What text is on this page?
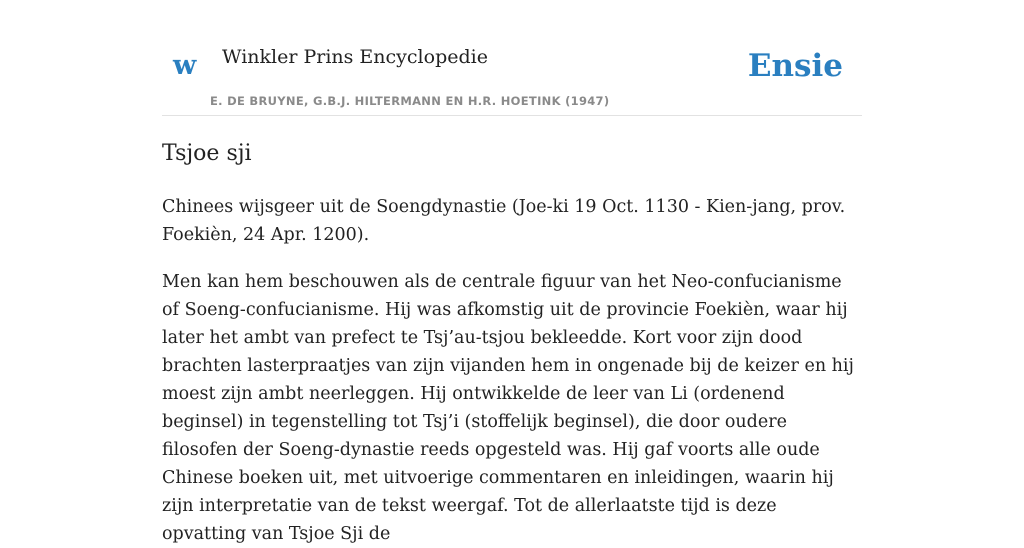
w Winkler Prins Encyclopedie
E. DE BRUYNE, G.B.J. HILTERMANN EN H.R. HOETINK (1947)
Ensie
Tsjoe sji

Chinees wijsgeer uit de Soengdynastie (Joe-ki 19 Oct. 1130 - Kien-jang, prov. Foekièn, 24 Apr. 1200).

Men kan hem beschouwen als de centrale figuur van het Neo-confucianisme of Soeng-confucianisme. Hij was afkomstig uit de provincie Foekièn, waar hij later het ambt van prefect te Tsj’au-tsjou bekleedde. Kort voor zijn dood brachten lasterpraatjes van zijn vijanden hem in ongenade bij de keizer en hij moest zijn ambt neerleggen. Hij ontwikkelde de leer van Li (ordenend beginsel) in tegenstelling tot Tsj’i (stoffelijk beginsel), die door oudere filosofen der Soeng-dynastie reeds opgesteld was. Hij gaf voorts alle oude Chinese boeken uit, met uitvoerige commentaren en inleidingen, waarin hij zijn interpretatie van de tekst weergaf. Tot de allerlaatste tijd is deze opvatting van Tsjoe Sji de
